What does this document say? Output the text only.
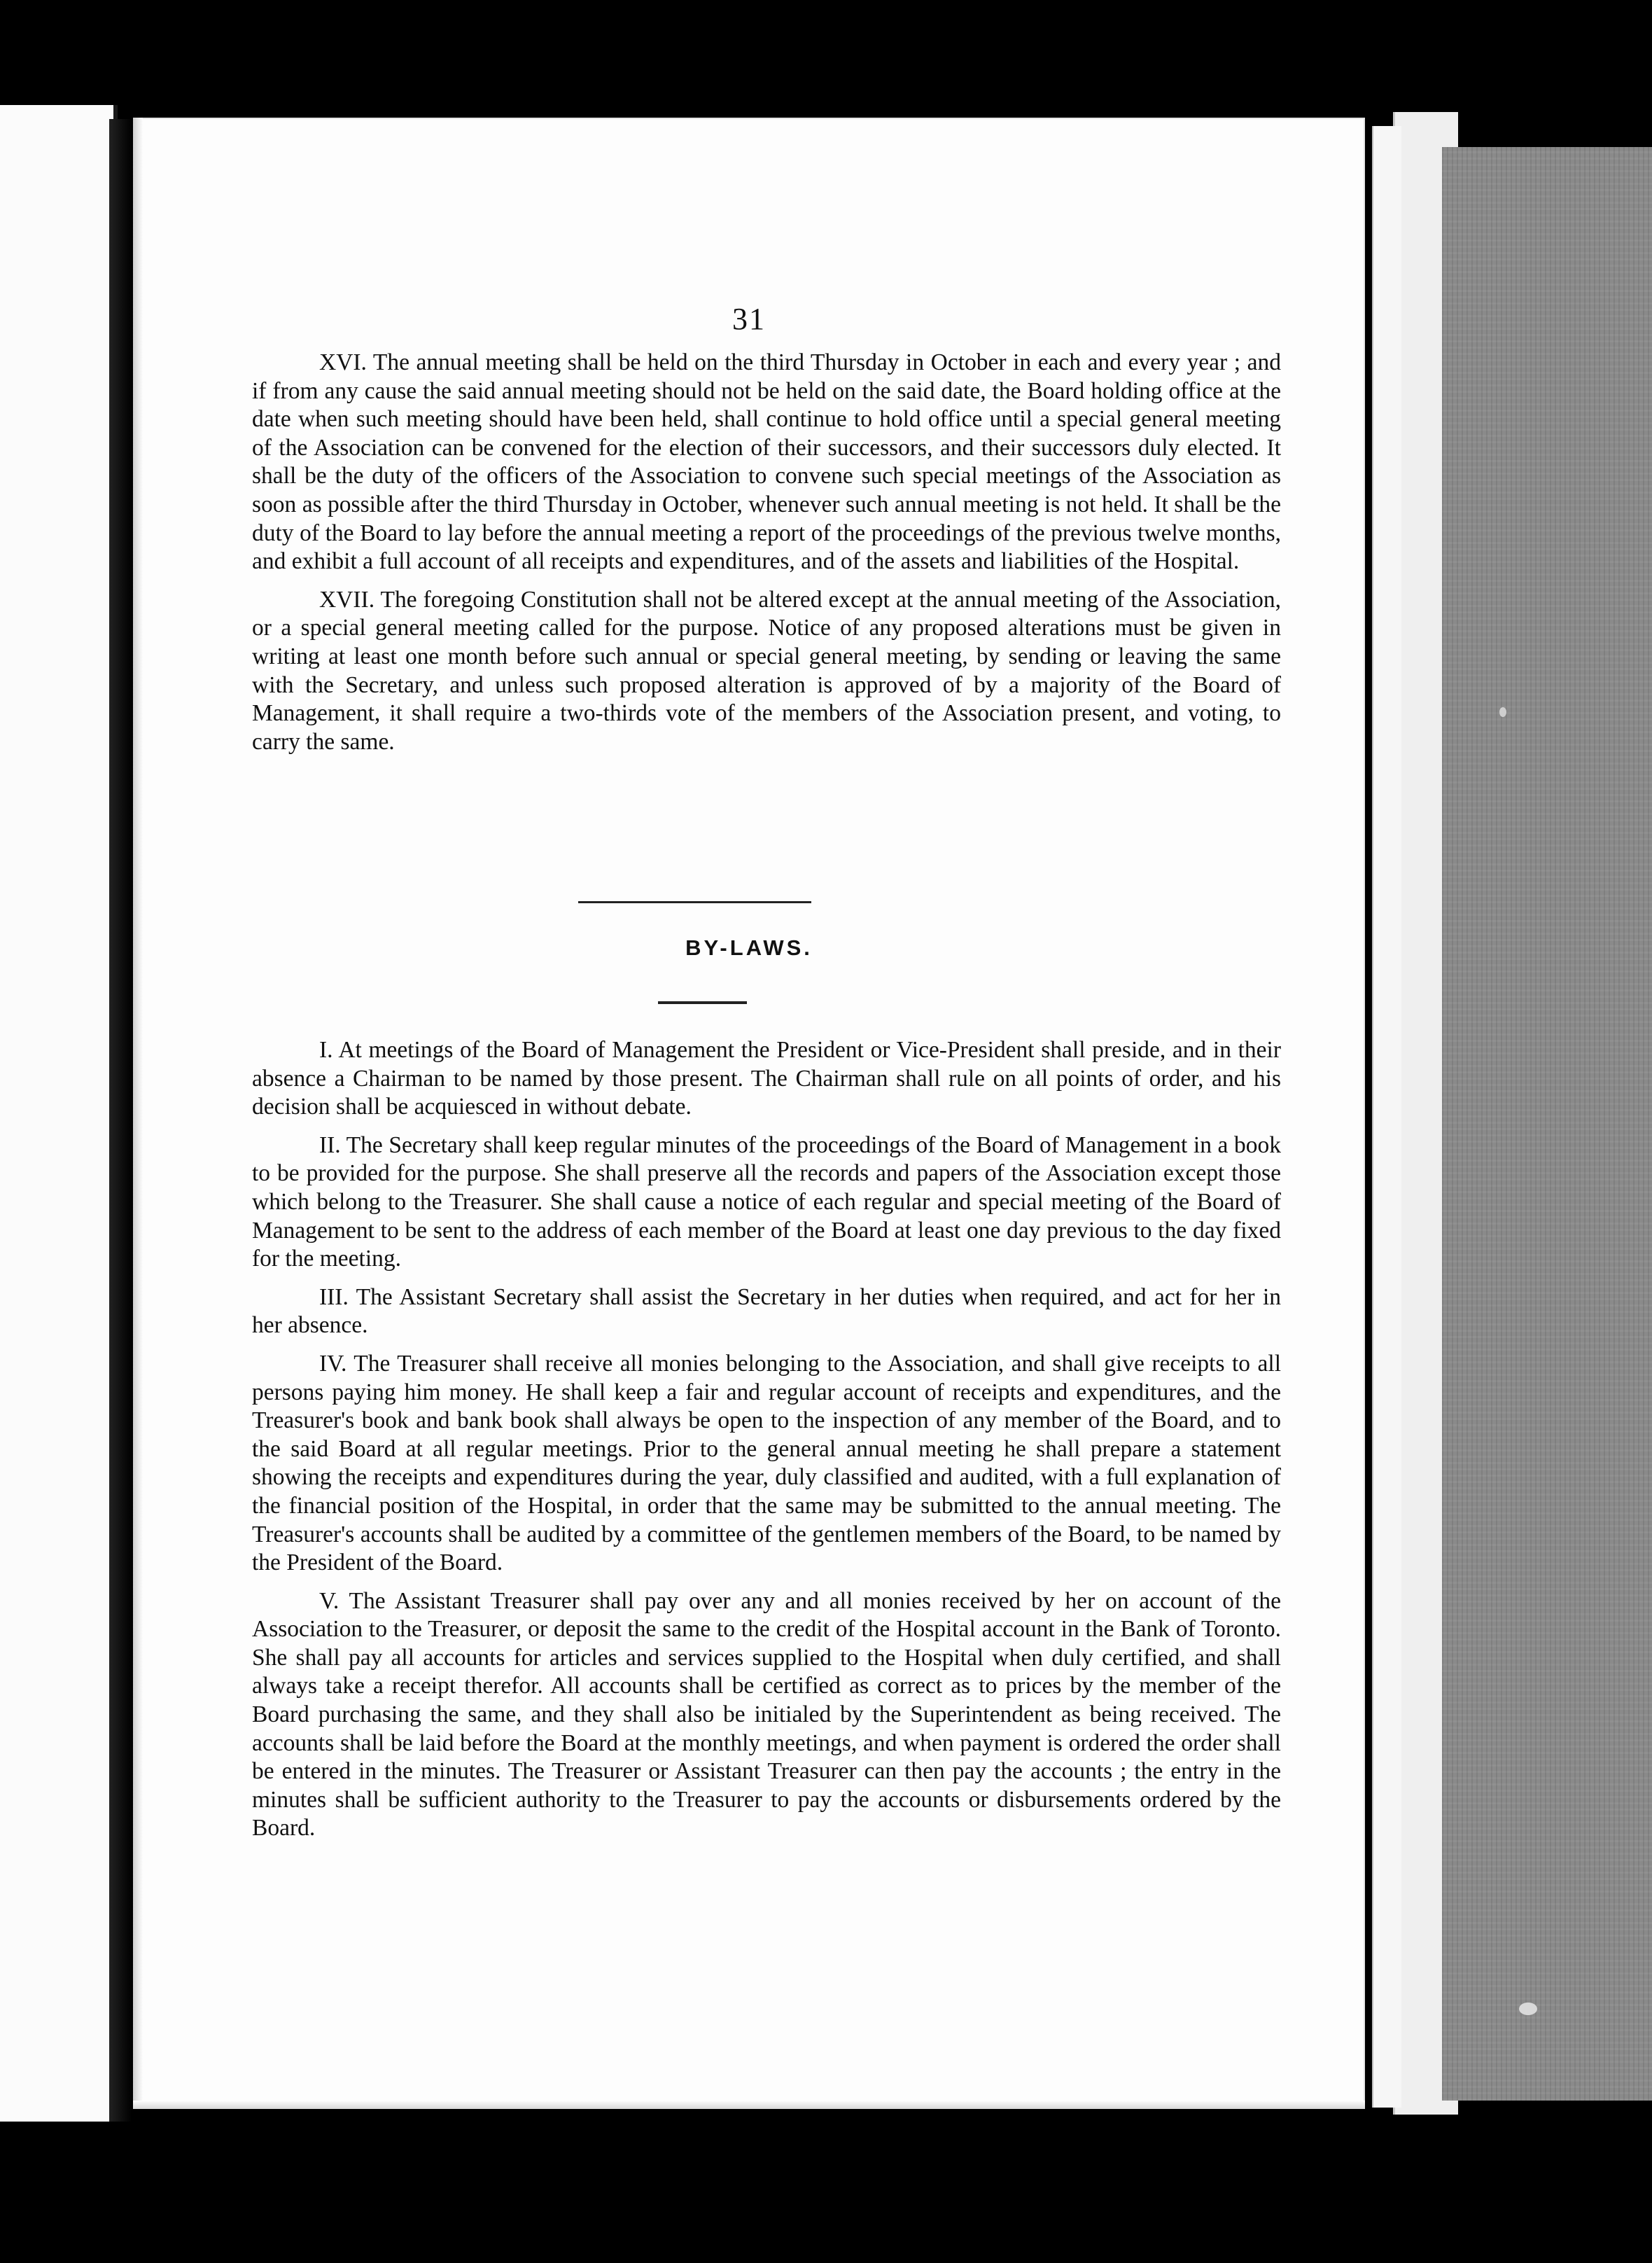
31

XVI. The annual meeting shall be held on the third Thursday in October in each and every year ; and if from any cause the said annual meeting should not be held on the said date, the Board holding office at the date when such meeting should have been held, shall continue to hold office until a special general meeting of the Association can be convened for the election of their successors, and their successors duly elected. It shall be the duty of the officers of the Association to convene such special meetings of the Association as soon as possible after the third Thursday in October, whenever such annual meeting is not held. It shall be the duty of the Board to lay before the annual meeting a report of the proceedings of the previous twelve months, and exhibit a full account of all receipts and expenditures, and of the assets and liabilities of the Hospital.

XVII. The foregoing Constitution shall not be altered except at the annual meeting of the Association, or a special general meeting called for the purpose. Notice of any proposed alterations must be given in writing at least one month before such annual or special general meeting, by sending or leaving the same with the Secretary, and unless such proposed alteration is approved of by a majority of the Board of Management, it shall require a two-thirds vote of the members of the Association present, and voting, to carry the same.

BY-LAWS.

I. At meetings of the Board of Management the President or Vice-President shall preside, and in their absence a Chairman to be named by those present. The Chairman shall rule on all points of order, and his decision shall be acquiesced in without debate.

II. The Secretary shall keep regular minutes of the proceedings of the Board of Management in a book to be provided for the purpose. She shall preserve all the records and papers of the Association except those which belong to the Treasurer. She shall cause a notice of each regular and special meeting of the Board of Management to be sent to the address of each member of the Board at least one day previous to the day fixed for the meeting.

III. The Assistant Secretary shall assist the Secretary in her duties when required, and act for her in her absence.

IV. The Treasurer shall receive all monies belonging to the Association, and shall give receipts to all persons paying him money. He shall keep a fair and regular account of receipts and expenditures, and the Treasurer's book and bank book shall always be open to the inspection of any member of the Board, and to the said Board at all regular meetings. Prior to the general annual meeting he shall prepare a statement showing the receipts and expenditures during the year, duly classified and audited, with a full explanation of the financial position of the Hospital, in order that the same may be submitted to the annual meeting. The Treasurer's accounts shall be audited by a committee of the gentlemen members of the Board, to be named by the President of the Board.

V. The Assistant Treasurer shall pay over any and all monies received by her on account of the Association to the Treasurer, or deposit the same to the credit of the Hospital account in the Bank of Toronto. She shall pay all accounts for articles and services supplied to the Hospital when duly certified, and shall always take a receipt therefor. All accounts shall be certified as correct as to prices by the member of the Board purchasing the same, and they shall also be initialed by the Superintendent as being received. The accounts shall be laid before the Board at the monthly meetings, and when payment is ordered the order shall be entered in the minutes. The Treasurer or Assistant Treasurer can then pay the accounts ; the entry in the minutes shall be sufficient authority to the Treasurer to pay the accounts or disbursements ordered by the Board.
